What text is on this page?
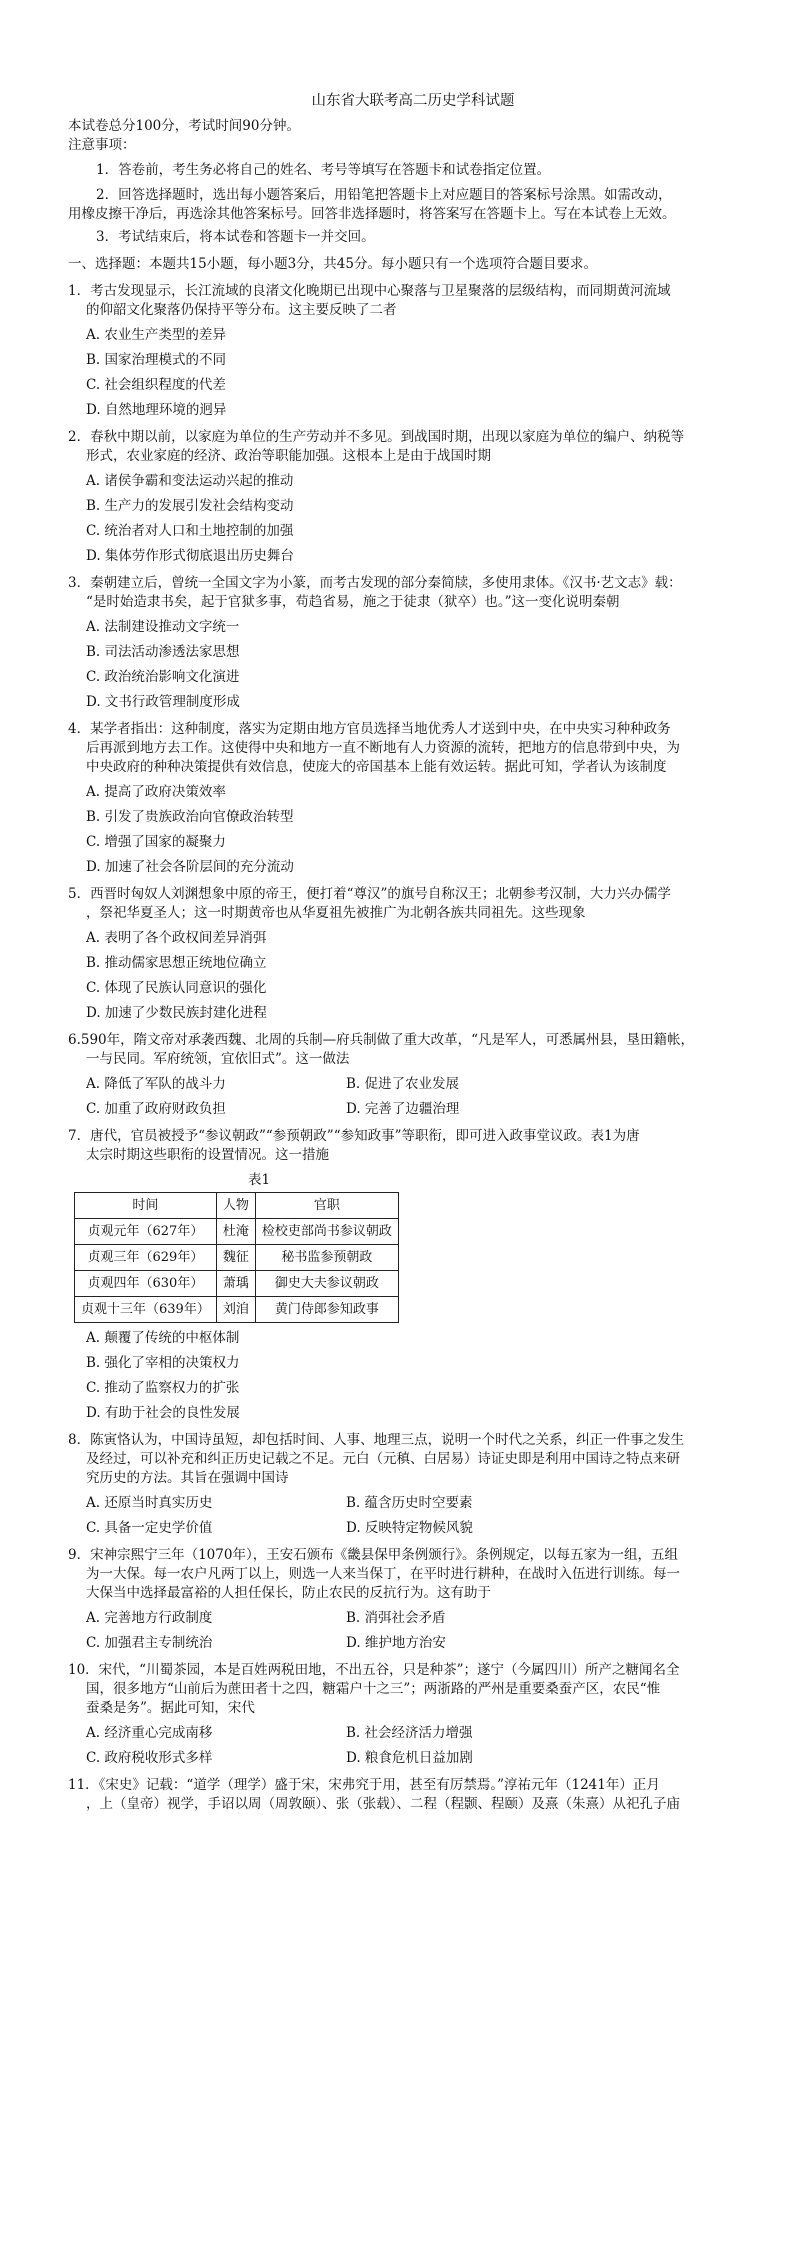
山东省大联考高二历史学科试题
本试卷总分100分，考试时间90分钟。
注意事项：
1．答卷前，考生务必将自己的姓名、考号等填写在答题卡和试卷指定位置。
2．回答选择题时，选出每小题答案后，用铅笔把答题卡上对应题目的答案标号涂黑。如需改动，
用橡皮擦干净后，再选涂其他答案标号。回答非选择题时，将答案写在答题卡上。写在本试卷上无效。
3．考试结束后，将本试卷和答题卡一并交回。
一、选择题：本题共15小题，每小题3分，共45分。每小题只有一个选项符合题目要求。
1．考古发现显示，长江流域的良渚文化晚期已出现中心聚落与卫星聚落的层级结构，而同期黄河流域
的仰韶文化聚落仍保持平等分布。这主要反映了二者
A. 农业生产类型的差异
B. 国家治理模式的不同
C. 社会组织程度的代差
D. 自然地理环境的迥异
2．春秋中期以前，以家庭为单位的生产劳动并不多见。到战国时期，出现以家庭为单位的编户、纳税等
形式，农业家庭的经济、政治等职能加强。这根本上是由于战国时期
A. 诸侯争霸和变法运动兴起的推动
B. 生产力的发展引发社会结构变动
C. 统治者对人口和土地控制的加强
D. 集体劳作形式彻底退出历史舞台
3．秦朝建立后，曾统一全国文字为小篆，而考古发现的部分秦简牍，多使用隶体。《汉书·艺文志》载：
“是时始造隶书矣，起于官狱多事，苟趋省易，施之于徒隶（狱卒）也。”这一变化说明秦朝
A. 法制建设推动文字统一
B. 司法活动渗透法家思想
C. 政治统治影响文化演进
D. 文书行政管理制度形成
4．某学者指出：这种制度，落实为定期由地方官员选择当地优秀人才送到中央，在中央实习种种政务
后再派到地方去工作。这使得中央和地方一直不断地有人力资源的流转，把地方的信息带到中央，为
中央政府的种种决策提供有效信息，使庞大的帝国基本上能有效运转。据此可知，学者认为该制度
A. 提高了政府决策效率
B. 引发了贵族政治向官僚政治转型
C. 增强了国家的凝聚力
D. 加速了社会各阶层间的充分流动
5．西晋时匈奴人刘渊想象中原的帝王，便打着“尊汉”的旗号自称汉王；北朝参考汉制，大力兴办儒学
，祭祀华夏圣人；这一时期黄帝也从华夏祖先被推广为北朝各族共同祖先。这些现象
A. 表明了各个政权间差异消弭
B. 推动儒家思想正统地位确立
C. 体现了民族认同意识的强化
D. 加速了少数民族封建化进程
6.590年，隋文帝对承袭西魏、北周的兵制—府兵制做了重大改革，“凡是军人，可悉属州县，垦田籍帐，
一与民同。军府统领，宜依旧式”。这一做法
A. 降低了军队的战斗力	B. 促进了农业发展
C. 加重了政府财政负担	D. 完善了边疆治理
7．唐代，官员被授予“参议朝政”“参预朝政”“参知政事”等职衔，即可进入政事堂议政。表1为唐
太宗时期这些职衔的设置情况。这一措施
表1
时间	人物	官职
贞观元年（627年）	杜淹	检校吏部尚书参议朝政
贞观三年（629年）	魏征	秘书监参预朝政
贞观四年（630年）	萧瑀	御史大夫参议朝政
贞观十三年（639年）	刘洎	黄门侍郎参知政事
A. 颠覆了传统的中枢体制
B. 强化了宰相的决策权力
C. 推动了监察权力的扩张
D. 有助于社会的良性发展
8．陈寅恪认为，中国诗虽短，却包括时间、人事、地理三点，说明一个时代之关系，纠正一件事之发生
及经过，可以补充和纠正历史记载之不足。元白（元稹、白居易）诗证史即是利用中国诗之特点来研
究历史的方法。其旨在强调中国诗
A. 还原当时真实历史	B. 蕴含历史时空要素
C. 具备一定史学价值	D. 反映特定物候风貌
9．宋神宗熙宁三年（1070年），王安石颁布《畿县保甲条例颁行》。条例规定，以每五家为一组，五组
为一大保。每一农户凡两丁以上，则选一人来当保丁，在平时进行耕种，在战时入伍进行训练。每一
大保当中选择最富裕的人担任保长，防止农民的反抗行为。这有助于
A. 完善地方行政制度	B. 消弭社会矛盾
C. 加强君主专制统治	D. 维护地方治安
10．宋代，“川蜀茶园，本是百姓两税田地，不出五谷，只是种茶”；遂宁（今属四川）所产之糖闻名全
国，很多地方“山前后为蔗田者十之四，糖霜户十之三”；两浙路的严州是重要桑蚕产区，农民“惟
蚕桑是务”。据此可知，宋代
A. 经济重心完成南移	B. 社会经济活力增强
C. 政府税收形式多样	D. 粮食危机日益加剧
11．《宋史》记载：“道学（理学）盛于宋，宋弗究于用，甚至有厉禁焉。”淳祐元年（1241年）正月
，上（皇帝）视学，手诏以周（周敦颐）、张（张载）、二程（程颢、程颐）及熹（朱熹）从祀孔子庙
